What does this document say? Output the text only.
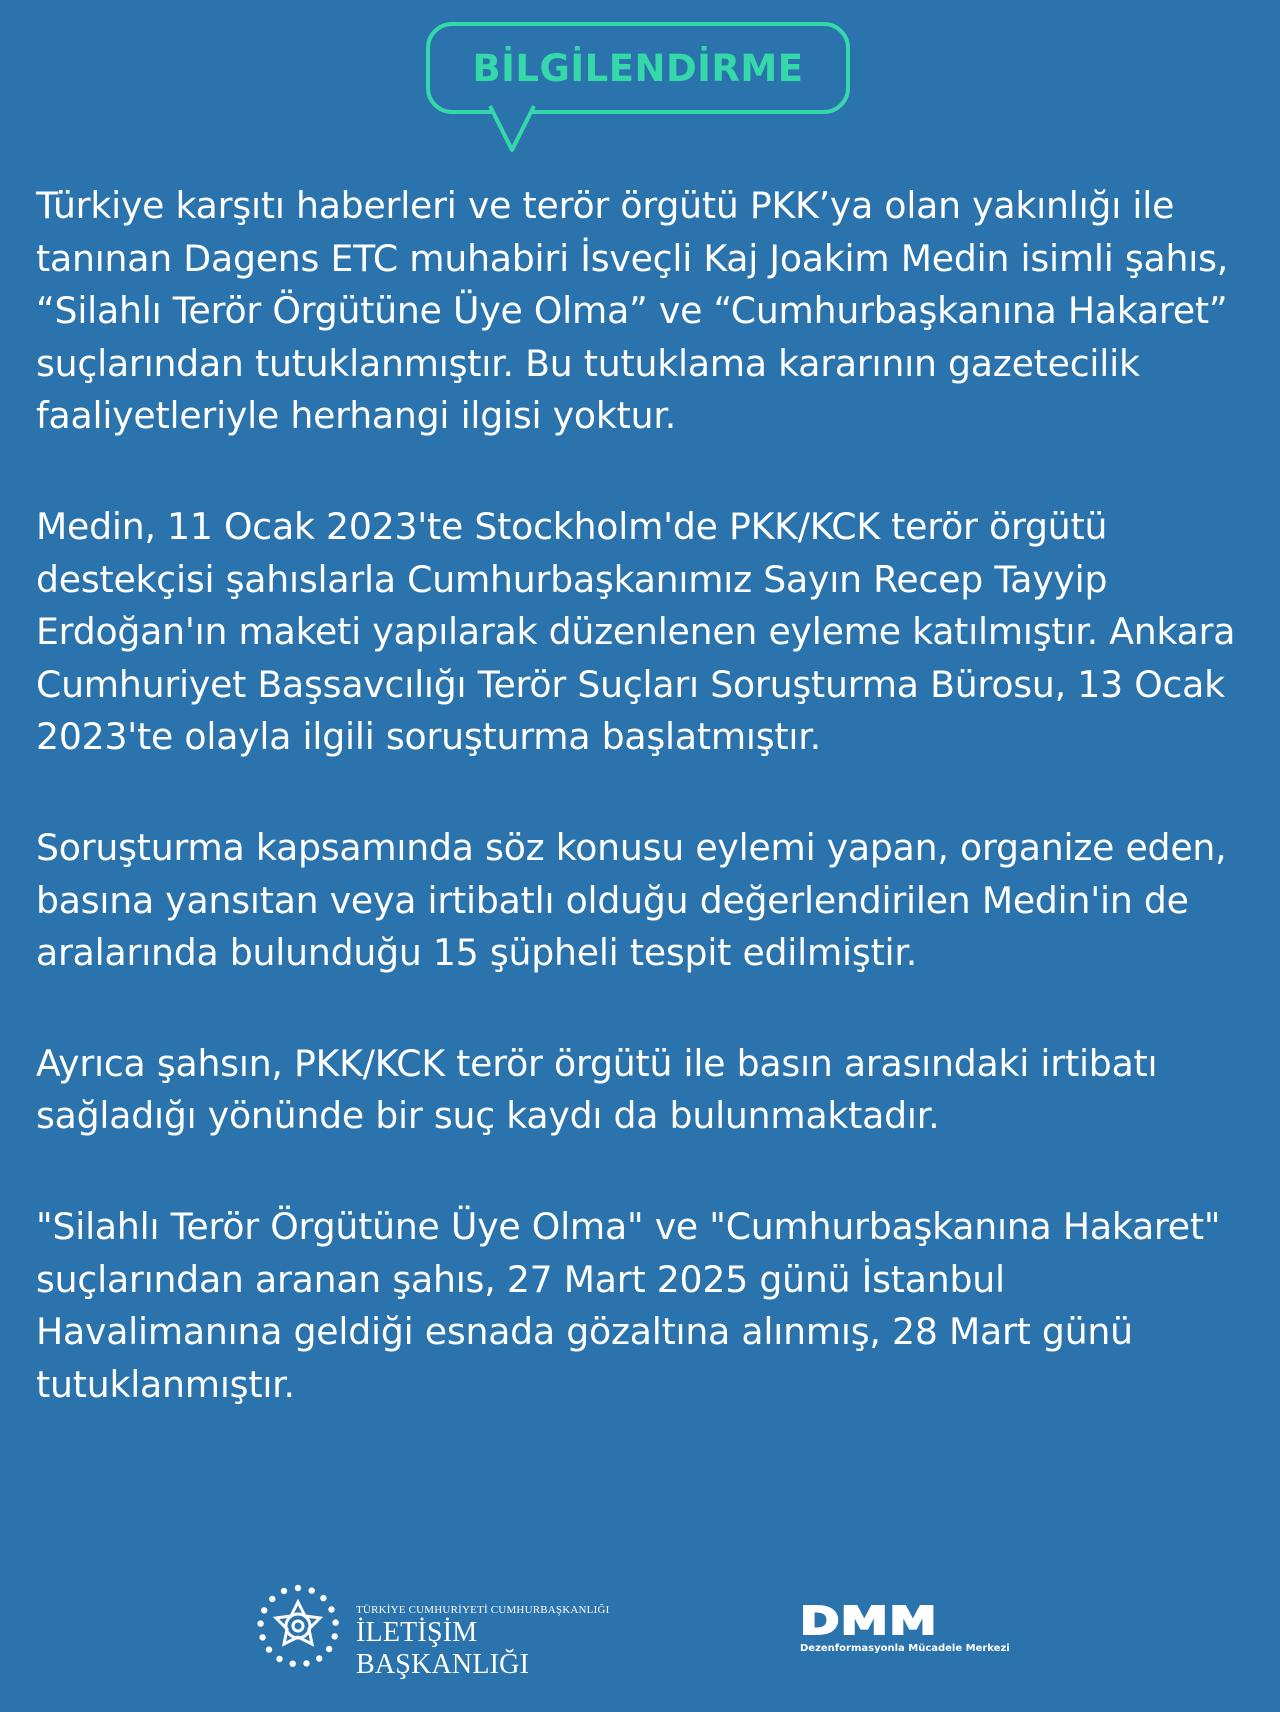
BİLGİLENDİRME

Türkiye karşıtı haberleri ve terör örgütü PKK’ya olan yakınlığı ile tanınan Dagens ETC muhabiri İsveçli Kaj Joakim Medin isimli şahıs, “Silahlı Terör Örgütüne Üye Olma” ve “Cumhurbaşkanına Hakaret” suçlarından tutuklanmıştır. Bu tutuklama kararının gazetecilik faaliyetleriyle herhangi ilgisi yoktur.

Medin, 11 Ocak 2023'te Stockholm'de PKK/KCK terör örgütü destekçisi şahıslarla Cumhurbaşkanımız Sayın Recep Tayyip Erdoğan'ın maketi yapılarak düzenlenen eyleme katılmıştır. Ankara Cumhuriyet Başsavcılığı Terör Suçları Soruşturma Bürosu, 13 Ocak 2023'te olayla ilgili soruşturma başlatmıştır.

Soruşturma kapsamında söz konusu eylemi yapan, organize eden, basına yansıtan veya irtibatlı olduğu değerlendirilen Medin'in de aralarında bulunduğu 15 şüpheli tespit edilmiştir.

Ayrıca şahsın, PKK/KCK terör örgütü ile basın arasındaki irtibatı sağladığı yönünde bir suç kaydı da bulunmaktadır.

"Silahlı Terör Örgütüne Üye Olma" ve "Cumhurbaşkanına Hakaret" suçlarından aranan şahıs, 27 Mart 2025 günü İstanbul Havalimanına geldiği esnada gözaltına alınmış, 28 Mart günü tutuklanmıştır.

TÜRKİYE CUMHURİYETİ CUMHURBAŞKANLIĞI
İLETİŞİM BAŞKANLIĞI
DMM
Dezenformasyonla Mücadele Merkezi
